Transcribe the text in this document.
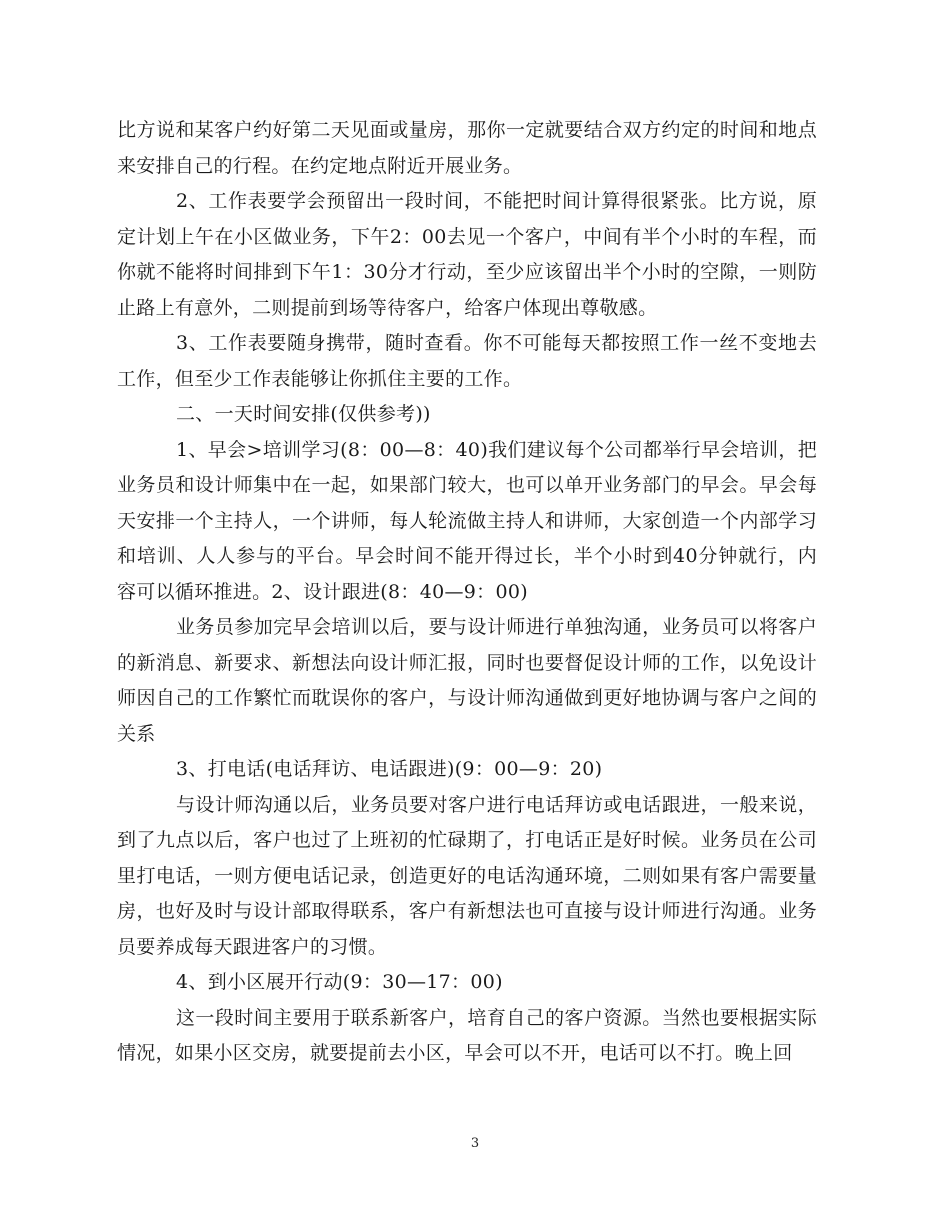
比方说和某客户约好第二天见面或量房，那你一定就要结合双方约定的时间和地点来安排自己的行程。在约定地点附近开展业务。

2、工作表要学会预留出一段时间，不能把时间计算得很紧张。比方说，原定计划上午在小区做业务，下午2：00去见一个客户，中间有半个小时的车程，而你就不能将时间排到下午1：30分才行动，至少应该留出半个小时的空隙，一则防止路上有意外，二则提前到场等待客户，给客户体现出尊敬感。

3、工作表要随身携带，随时查看。你不可能每天都按照工作一丝不变地去工作，但至少工作表能够让你抓住主要的工作。

二、一天时间安排(仅供参考))

1、早会>培训学习(8：00—8：40)我们建议每个公司都举行早会培训，把业务员和设计师集中在一起，如果部门较大，也可以单开业务部门的早会。早会每天安排一个主持人，一个讲师，每人轮流做主持人和讲师，大家创造一个内部学习和培训、人人参与的平台。早会时间不能开得过长，半个小时到40分钟就行，内容可以循环推进。2、设计跟进(8：40—9：00)

业务员参加完早会培训以后，要与设计师进行单独沟通，业务员可以将客户的新消息、新要求、新想法向设计师汇报，同时也要督促设计师的工作，以免设计师因自己的工作繁忙而耽误你的客户，与设计师沟通做到更好地协调与客户之间的关系

3、打电话(电话拜访、电话跟进)(9：00—9：20)

与设计师沟通以后，业务员要对客户进行电话拜访或电话跟进，一般来说，到了九点以后，客户也过了上班初的忙碌期了，打电话正是好时候。业务员在公司里打电话，一则方便电话记录，创造更好的电话沟通环境，二则如果有客户需要量房，也好及时与设计部取得联系，客户有新想法也可直接与设计师进行沟通。业务员要养成每天跟进客户的习惯。

4、到小区展开行动(9：30—17：00)

这一段时间主要用于联系新客户，培育自己的客户资源。当然也要根据实际情况，如果小区交房，就要提前去小区，早会可以不开，电话可以不打。晚上回

3
